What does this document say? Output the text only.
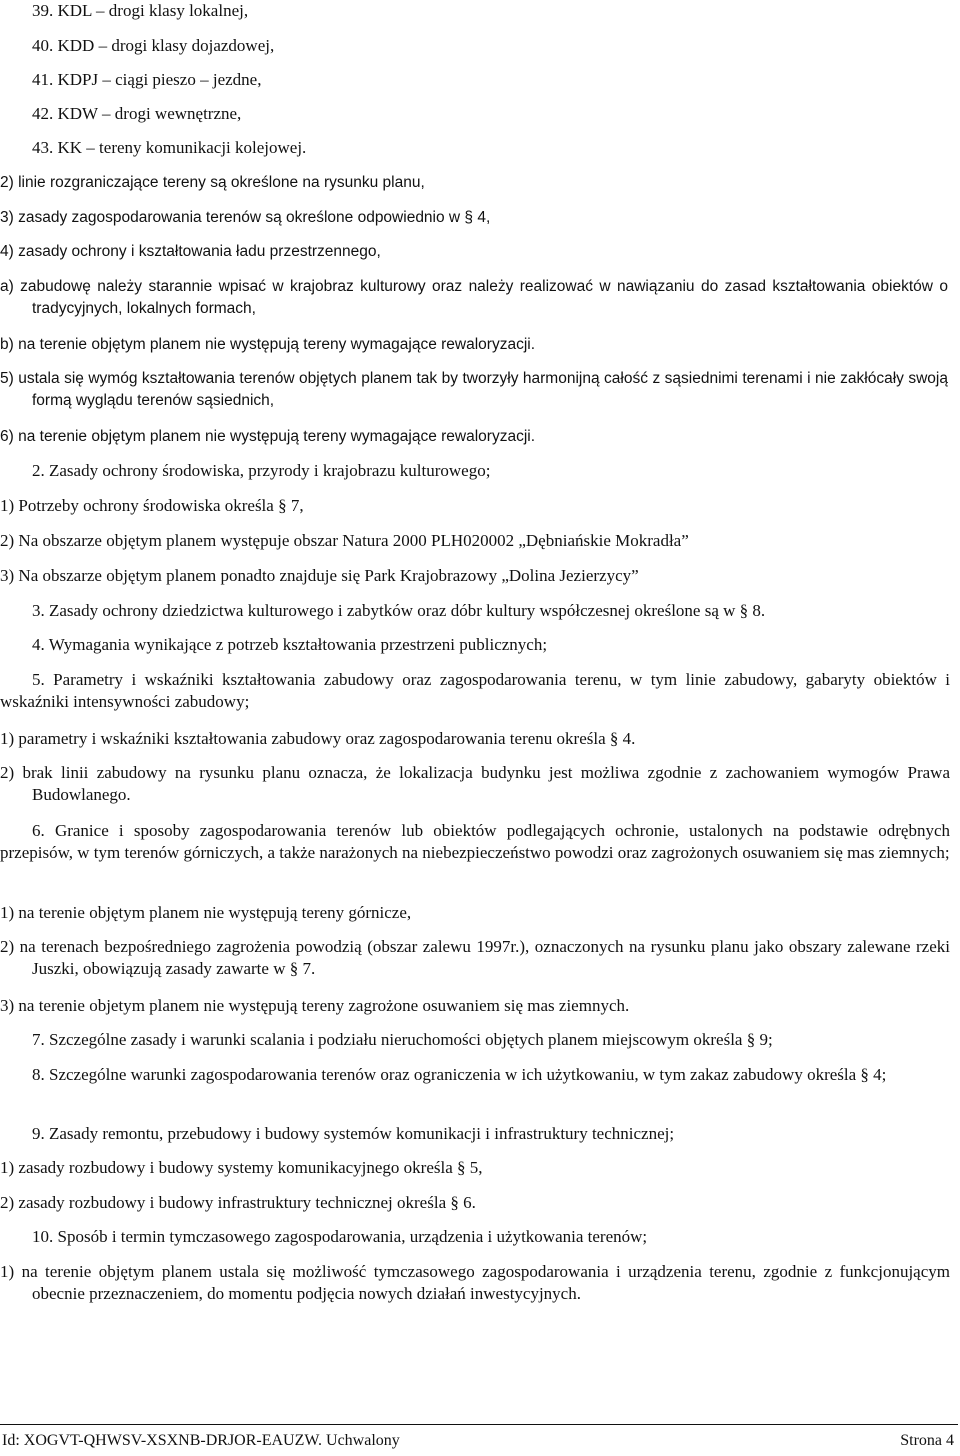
39. KDL – drogi klasy lokalnej,
40. KDD – drogi klasy dojazdowej,
41. KDPJ – ciągi pieszo – jezdne,
42. KDW – drogi wewnętrzne,
43. KK – tereny komunikacji kolejowej.
2) linie rozgraniczające tereny są określone na rysunku planu,
3) zasady zagospodarowania terenów są określone odpowiednio w § 4,
4) zasady ochrony i kształtowania ładu przestrzennego,
a) zabudowę należy starannie wpisać w krajobraz kulturowy oraz należy realizować w nawiązaniu do zasad kształtowania obiektów o tradycyjnych, lokalnych formach,
b) na terenie objętym planem nie występują tereny wymagające rewaloryzacji.
5) ustala się wymóg kształtowania terenów objętych planem tak by tworzyły harmonijną całość z sąsiednimi terenami i nie zakłócały swoją formą wyglądu terenów sąsiednich,
6) na terenie objętym planem nie występują tereny wymagające rewaloryzacji.
2. Zasady ochrony środowiska, przyrody i krajobrazu kulturowego;
1) Potrzeby ochrony środowiska określa § 7,
2) Na obszarze objętym planem występuje obszar Natura 2000 PLH020002 „Dębniańskie Mokradła”
3) Na obszarze objętym planem ponadto znajduje się Park Krajobrazowy „Dolina Jezierzycy”
3. Zasady ochrony dziedzictwa kulturowego i zabytków oraz dóbr kultury współczesnej określone są w § 8.
4. Wymagania wynikające z potrzeb kształtowania przestrzeni publicznych;
5. Parametry i wskaźniki kształtowania zabudowy oraz zagospodarowania terenu, w tym linie zabudowy, gabaryty obiektów i wskaźniki intensywności zabudowy;
1) parametry i wskaźniki kształtowania zabudowy oraz zagospodarowania terenu określa § 4.
2) brak linii zabudowy na rysunku planu oznacza, że lokalizacja budynku jest możliwa zgodnie z zachowaniem wymogów Prawa Budowlanego.
6. Granice i sposoby zagospodarowania terenów lub obiektów podlegających ochronie, ustalonych na podstawie odrębnych przepisów, w tym terenów górniczych, a także narażonych na niebezpieczeństwo powodzi oraz zagrożonych osuwaniem się mas ziemnych;
1) na terenie objętym planem nie występują tereny górnicze,
2) na terenach bezpośredniego zagrożenia powodzią (obszar zalewu 1997r.), oznaczonych na rysunku planu jako obszary zalewane rzeki Juszki, obowiązują zasady zawarte w § 7.
3) na terenie objetym planem nie występują tereny zagrożone osuwaniem się mas ziemnych.
7. Szczególne zasady i warunki scalania i podziału nieruchomości objętych planem miejscowym określa § 9;
8. Szczególne warunki zagospodarowania terenów oraz ograniczenia w ich użytkowaniu, w tym zakaz zabudowy określa § 4;
9. Zasady remontu, przebudowy i budowy systemów komunikacji i infrastruktury technicznej;
1) zasady rozbudowy i budowy systemy komunikacyjnego określa § 5,
2) zasady rozbudowy i budowy infrastruktury technicznej określa § 6.
10. Sposób i termin tymczasowego zagospodarowania, urządzenia i użytkowania terenów;
1) na terenie objętym planem ustala się możliwość tymczasowego zagospodarowania i urządzenia terenu, zgodnie z funkcjonującym obecnie przeznaczeniem, do momentu podjęcia nowych działań inwestycyjnych.
Id: XOGVT-QHWSV-XSXNB-DRJOR-EAUZW. Uchwalony	Strona 4
